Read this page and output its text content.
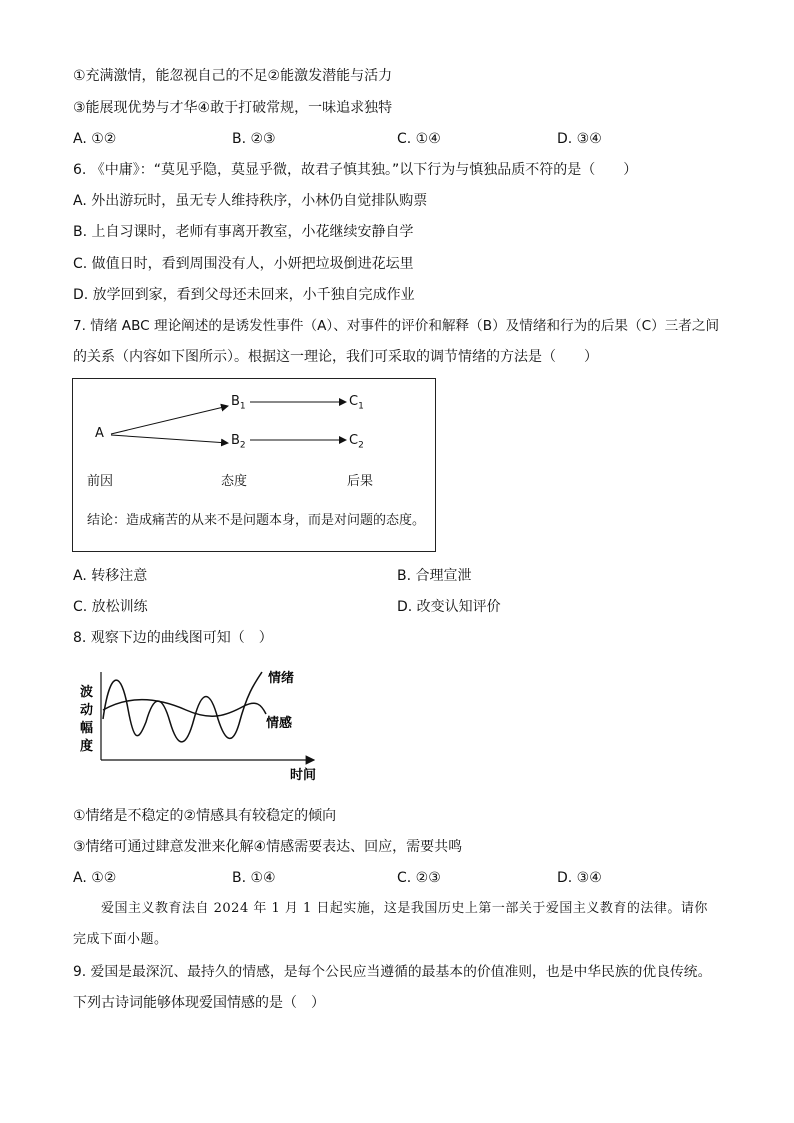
①充满激情，能忽视自己的不足②能激发潜能与活力
③能展现优势与才华④敢于打破常规，一味追求独特
A. ①②	B. ②③	C. ①④	D. ③④
6. 《中庸》：“莫见乎隐，莫显乎微，故君子慎其独。”以下行为与慎独品质不符的是（　　）
A. 外出游玩时，虽无专人维持秩序，小林仍自觉排队购票
B. 上自习课时，老师有事离开教室，小花继续安静自学
C. 做值日时，看到周围没有人，小妍把垃圾倒进花坛里
D. 放学回到家，看到父母还未回来，小千独自完成作业
7. 情绪 ABC 理论阐述的是诱发性事件（A）、对事件的评价和解释（B）及情绪和行为的后果（C）三者之间
的关系（内容如下图所示）。根据这一理论，我们可采取的调节情绪的方法是（　　）
A
$B_1$
$B_2$
$C_1$
$C_2$
前因	态度	后果
结论：造成痛苦的从来不是问题本身，而是对问题的态度。
A. 转移注意	B. 合理宣泄
C. 放松训练	D. 改变认知评价
8. 观察下边的曲线图可知（　）
波
动
幅
度
情绪
情感
时间
①情绪是不稳定的②情感具有较稳定的倾向
③情绪可通过肆意发泄来化解④情感需要表达、回应，需要共鸣
A. ①②	B. ①④	C. ②③	D. ③④
爱国主义教育法自 2024 年 1 月 1 日起实施，这是我国历史上第一部关于爱国主义教育的法律。请你
完成下面小题。
9. 爱国是最深沉、最持久的情感，是每个公民应当遵循的最基本的价值准则，也是中华民族的优良传统。
下列古诗词能够体现爱国情感的是（　）
